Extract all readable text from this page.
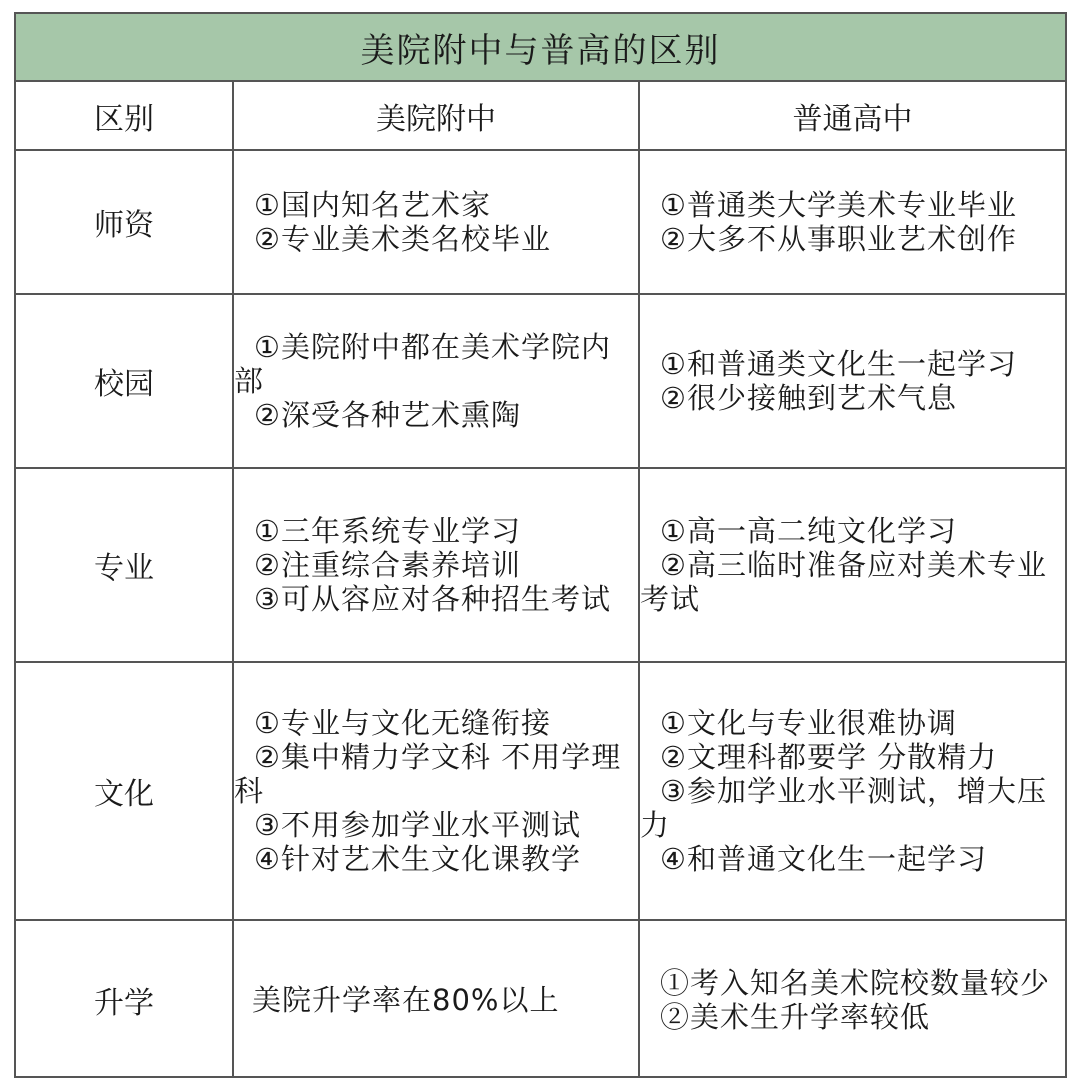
美院附中与普高的区别
区别	美院附中	普通高中
师资	①国内知名艺术家
②专业美术类名校毕业	①普通类大学美术专业毕业
②大多不从事职业艺术创作

校园	①美院附中都在美术学院内部
②深受各种艺术熏陶	①和普通类文化生一起学习
②很少接触到艺术气息

专业	①三年系统专业学习
②注重综合素养培训
③可从容应对各种招生考试	①高一高二纯文化学习
②高三临时准备应对美术专业考试

文化	①专业与文化无缝衔接
②集中精力学文科 不用学理科
③不用参加学业水平测试
④针对艺术生文化课教学	①文化与专业很难协调
②文理科都要学 分散精力
③参加学业水平测试，增大压力
④和普通文化生一起学习

升学	美院升学率在80%以上	①考入知名美术院校数量较少
②美术生升学率较低
